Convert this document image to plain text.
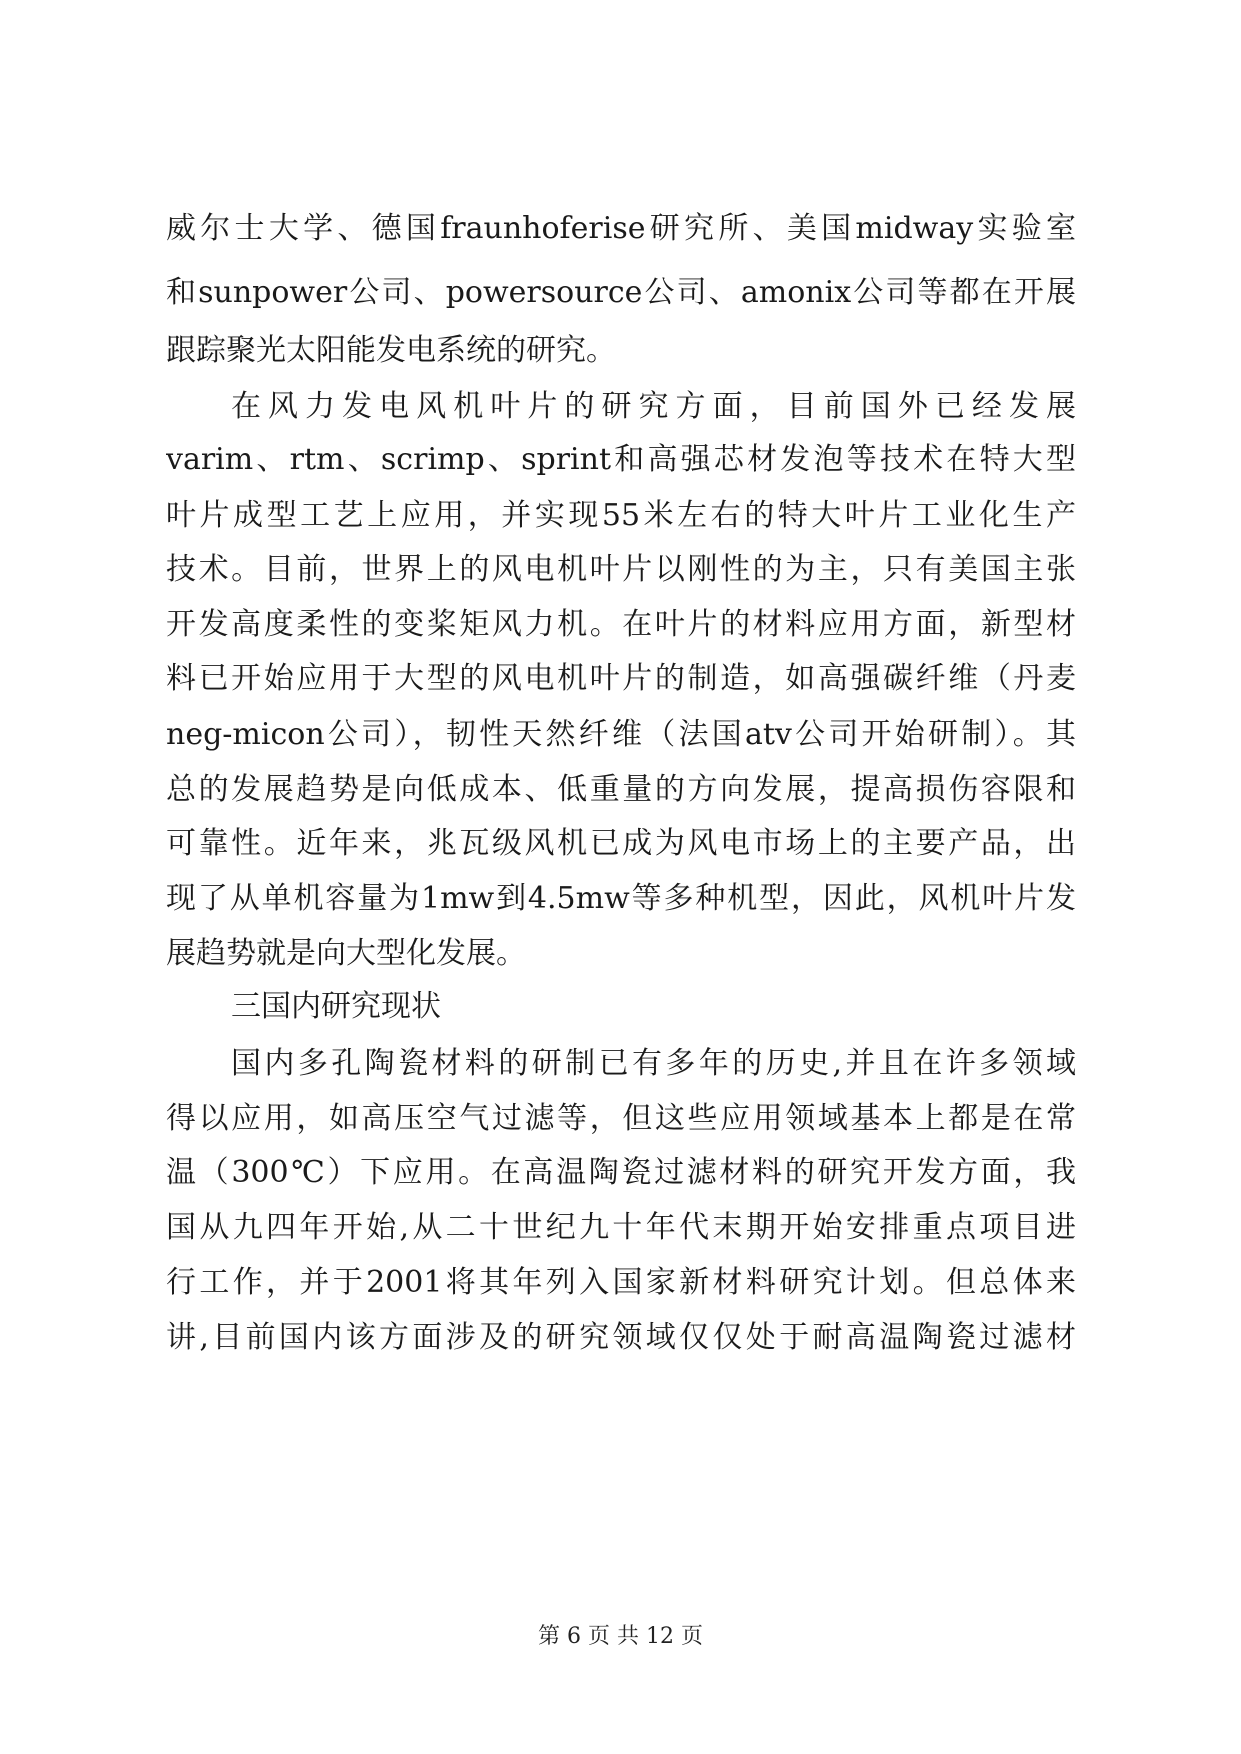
威尔士大学、德国fraunhoferise研究所、美国midway实验室
和sunpower公司、powersource公司、amonix公司等都在开展
跟踪聚光太阳能发电系统的研究。
在风力发电风机叶片的研究方面，目前国外已经发展
varim、rtm、scrimp、sprint和高强芯材发泡等技术在特大型
叶片成型工艺上应用，并实现55米左右的特大叶片工业化生产
技术。目前，世界上的风电机叶片以刚性的为主，只有美国主张
开发高度柔性的变桨矩风力机。在叶片的材料应用方面，新型材
料已开始应用于大型的风电机叶片的制造，如高强碳纤维（丹麦
neg-micon公司），韧性天然纤维（法国atv公司开始研制）。其
总的发展趋势是向低成本、低重量的方向发展，提高损伤容限和
可靠性。近年来，兆瓦级风机已成为风电市场上的主要产品，出
现了从单机容量为1mw到4.5mw等多种机型，因此，风机叶片发
展趋势就是向大型化发展。
三国内研究现状
国内多孔陶瓷材料的研制已有多年的历史,并且在许多领域
得以应用，如高压空气过滤等，但这些应用领域基本上都是在常
温（300℃）下应用。在高温陶瓷过滤材料的研究开发方面，我
国从九四年开始,从二十世纪九十年代末期开始安排重点项目进
行工作，并于2001将其年列入国家新材料研究计划。但总体来
讲,目前国内该方面涉及的研究领域仅仅处于耐高温陶瓷过滤材
第 6 页 共 12 页
